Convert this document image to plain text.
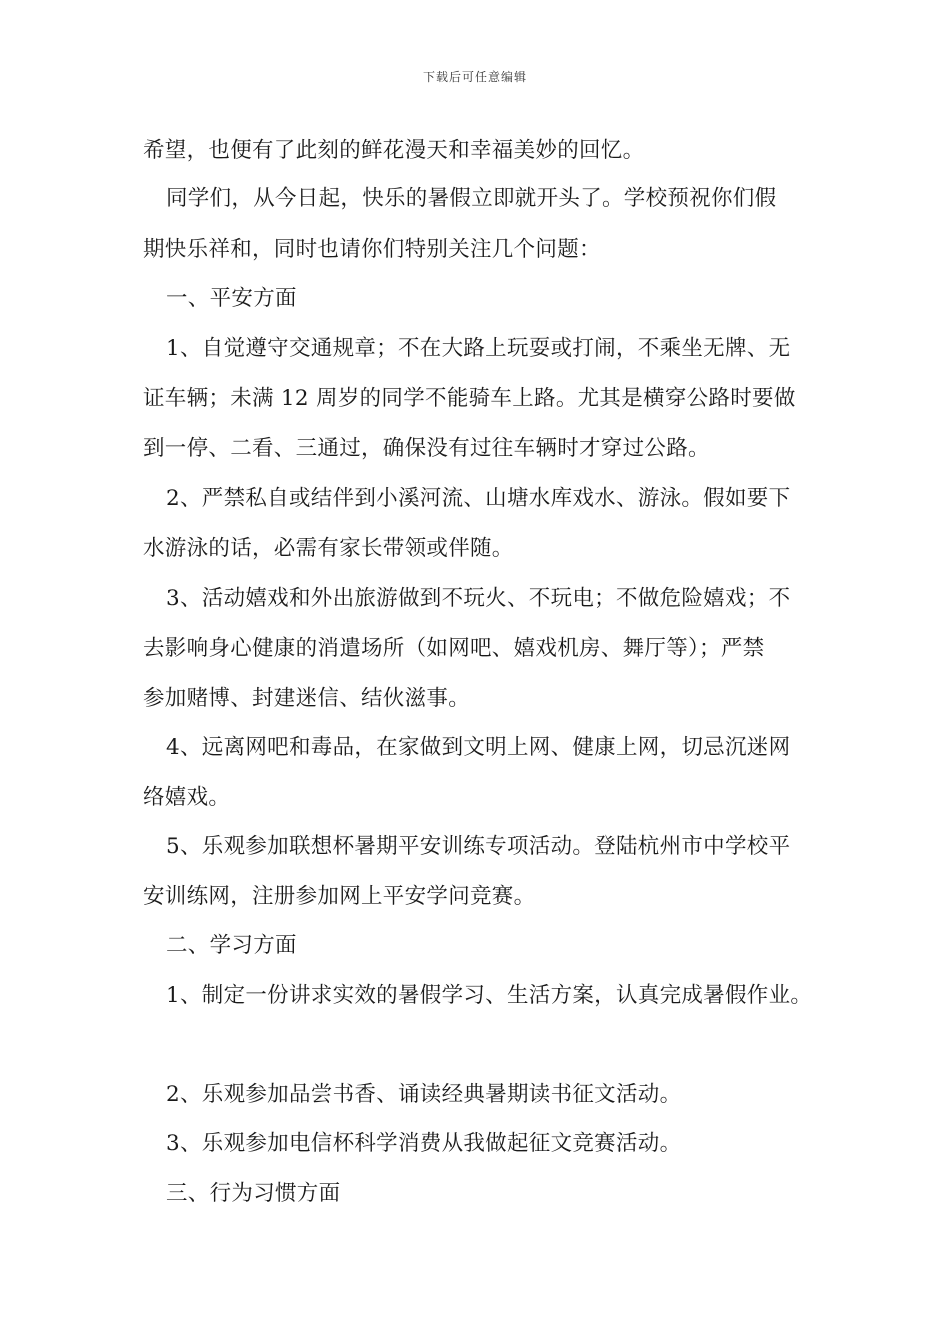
下载后可任意编辑
希望，也便有了此刻的鲜花漫天和幸福美妙的回忆。
同学们，从今日起，快乐的暑假立即就开头了。学校预祝你们假
期快乐祥和，同时也请你们特别关注几个问题：
一、平安方面
1、自觉遵守交通规章；不在大路上玩耍或打闹，不乘坐无牌、无
证车辆；未满 12 周岁的同学不能骑车上路。尤其是横穿公路时要做
到一停、二看、三通过，确保没有过往车辆时才穿过公路。
2、严禁私自或结伴到小溪河流、山塘水库戏水、游泳。假如要下
水游泳的话，必需有家长带领或伴随。
3、活动嬉戏和外出旅游做到不玩火、不玩电；不做危险嬉戏；不
去影响身心健康的消遣场所（如网吧、嬉戏机房、舞厅等）；严禁
参加赌博、封建迷信、结伙滋事。
4、远离网吧和毒品，在家做到文明上网、健康上网，切忌沉迷网
络嬉戏。
5、乐观参加联想杯暑期平安训练专项活动。登陆杭州市中学校平
安训练网，注册参加网上平安学问竞赛。
二、学习方面
1、制定一份讲求实效的暑假学习、生活方案，认真完成暑假作业。
2、乐观参加品尝书香、诵读经典暑期读书征文活动。
3、乐观参加电信杯科学消费从我做起征文竞赛活动。
三、行为习惯方面
